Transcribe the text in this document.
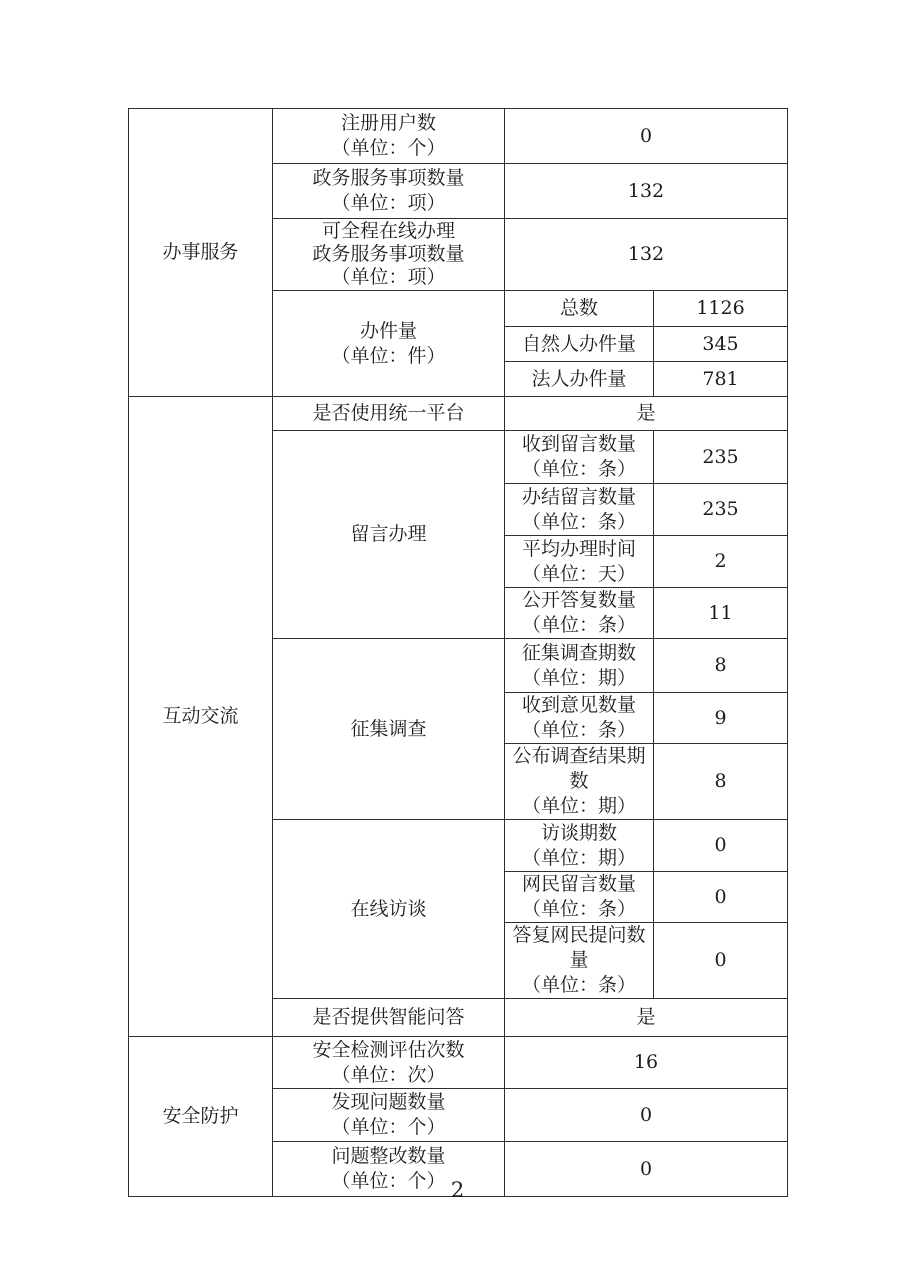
办事服务	注册用户数
（单位：个）	0	

	政务服务事项数量
（单位：项）	132	

	可全程在线办理
政务服务事项数量
（单位：项）	132	

	办件量
（单位：件）	总数	1126
		自然人办件量	345
		法人办件量	781
互动交流	是否使用统一平台	是	
	留言办理	收到留言数量
（单位：条）	235

		办结留言数量
（单位：条）	235

		平均办理时间
（单位：天）	2

		公开答复数量
（单位：条）	11
	征集调查	征集调查期数
（单位：期）	8

		收到意见数量
（单位：条）	9

		公布调查结果期数
（单位：期）	8
	在线访谈	访谈期数
（单位：期）	0

		网民留言数量
（单位：条）	0

		答复网民提问数量
（单位：条）	0
	是否提供智能问答	是	
安全防护	安全检测评估次数
（单位：次）	16	

	发现问题数量
（单位：个）	0	

	问题整改数量
（单位：个）	0	
2
